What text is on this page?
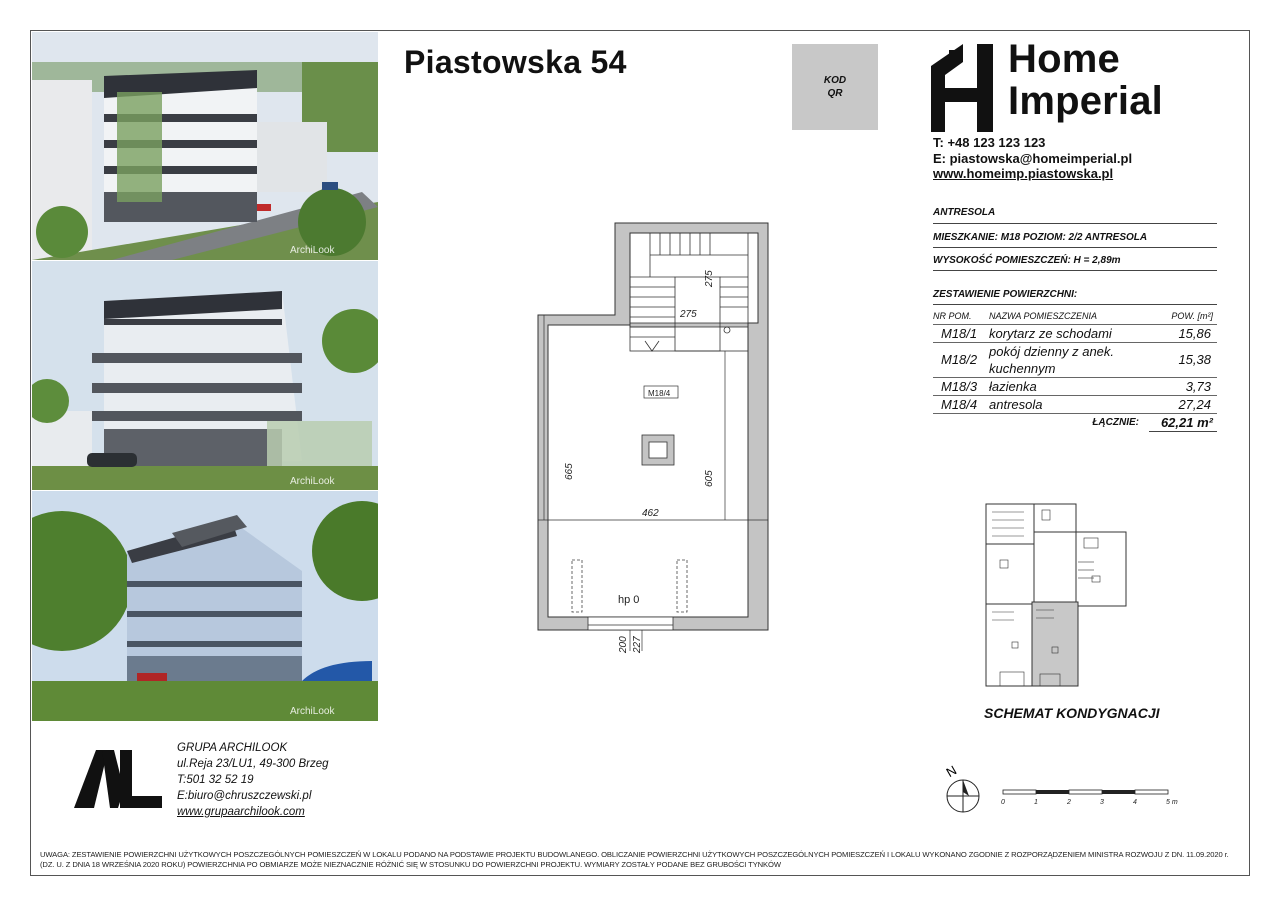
ArchiLook
ArchiLook
ArchiLook
Piastowska 54
KOD
QR
Home
Imperial
T: +48 123 123 123
E: piastowska@homeimperial.pl
www.homeimp.piastowska.pl
ANTRESOLA
MIESZKANIE: M18 POZIOM: 2/2 ANTRESOLA
WYSOKOŚĆ POMIESZCZEŃ: H = 2,89m
ZESTAWIENIE POWIERZCHNI:
NR POM.	NAZWA POMIESZCZENIA	POW. [m²]
M18/1	korytarz ze schodami	15,86
M18/2	pokój dzienny z anek. kuchennym	15,38
M18/3	łazienka	3,73
M18/4	antresola	27,24
	ŁĄCZNIE:	62,21 m²
275
275
M18/4
665	605
462
hp 0
200 227
SCHEMAT KONDYGNACJI
N
0	1	2	3	4	5 m
GRUPA ARCHILOOK
ul.Reja 23/LU1, 49-300 Brzeg
T:501 32 52 19
E:biuro@chruszczewski.pl
www.grupaarchilook.com
UWAGA: ZESTAWIENIE POWIERZCHNI UŻYTKOWYCH POSZCZEGÓLNYCH POMIESZCZEŃ W LOKALU PODANO NA PODSTAWIE PROJEKTU BUDOWLANEGO. OBLICZANIE POWIERZCHNI UŻYTKOWYCH POSZCZEGÓLNYCH POMIESZCZEŃ I LOKALU WYKONANO ZGODNIE Z ROZPORZĄDZENIEM MINISTRA ROZWOJU Z DN. 11.09.2020 r.
(DZ. U. Z DNIA 18 WRZEŚNIA 2020 ROKU) POWIERZCHNIA PO OBMIARZE MOŻE NIEZNACZNIE RÓŻNIĆ SIĘ W STOSUNKU DO POWIERZCHNI PROJEKTU. WYMIARY ZOSTAŁY PODANE BEZ GRUBOŚCI TYNKÓW
